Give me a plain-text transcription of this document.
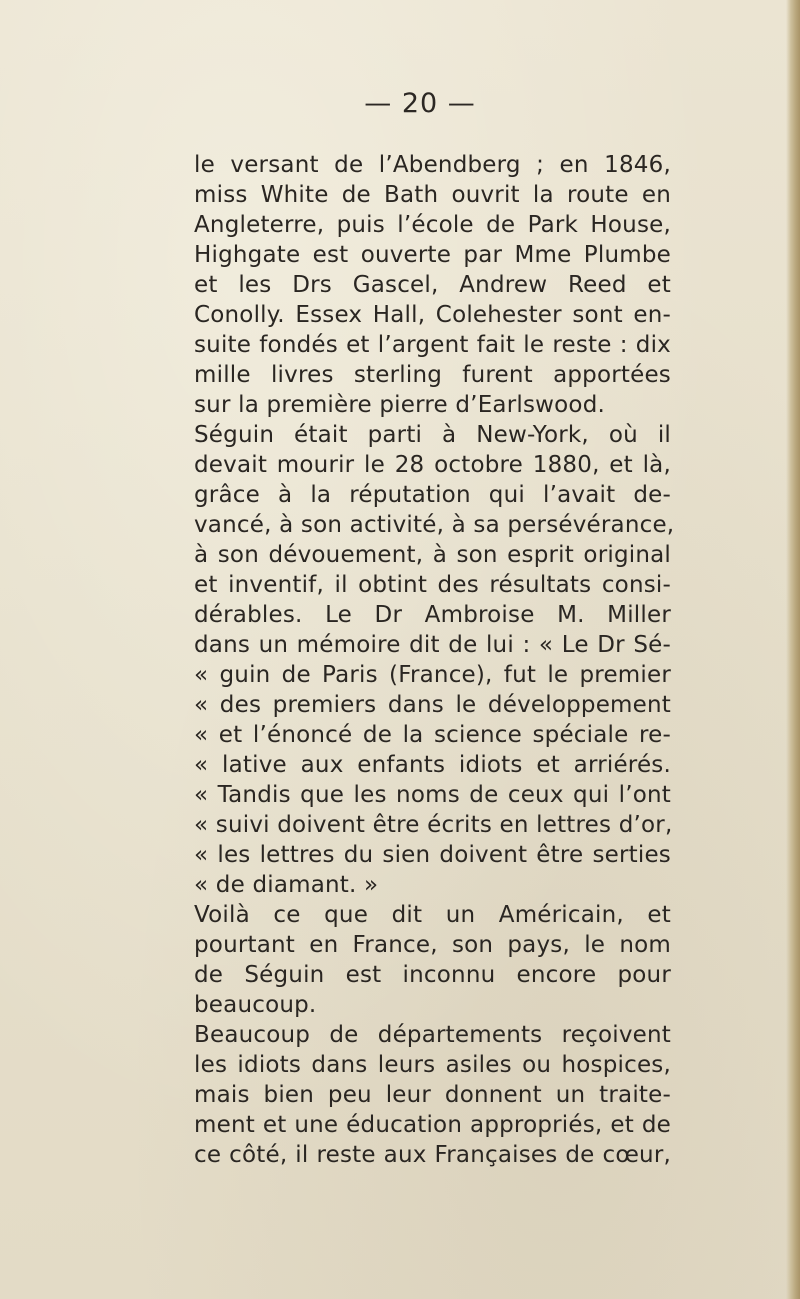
— 20 —
le versant de l’Abendberg ; en 1846,
miss White de Bath ouvrit la route en
Angleterre, puis l’école de Park House,
Highgate est ouverte par Mme Plumbe
et les Drs Gascel, Andrew Reed et
Conolly. Essex Hall, Colehester sont en-
suite fondés et l’argent fait le reste : dix
mille livres sterling furent apportées
sur la première pierre d’Earlswood.
Séguin était parti à New-York, où il
devait mourir le 28 octobre 1880, et là,
grâce à la réputation qui l’avait de-
vancé, à son activité, à sa persévérance,
à son dévouement, à son esprit original
et inventif, il obtint des résultats consi-
dérables. Le Dr Ambroise M. Miller
dans un mémoire dit de lui : « Le Dr Sé-
« guin de Paris (France), fut le premier
« des premiers dans le développement
« et l’énoncé de la science spéciale re-
« lative aux enfants idiots et arriérés.
« Tandis que les noms de ceux qui l’ont
« suivi doivent être écrits en lettres d’or,
« les lettres du sien doivent être serties
« de diamant. »
Voilà ce que dit un Américain, et
pourtant en France, son pays, le nom
de Séguin est inconnu encore pour
beaucoup.
Beaucoup de départements reçoivent
les idiots dans leurs asiles ou hospices,
mais bien peu leur donnent un traite-
ment et une éducation appropriés, et de
ce côté, il reste aux Françaises de cœur,
